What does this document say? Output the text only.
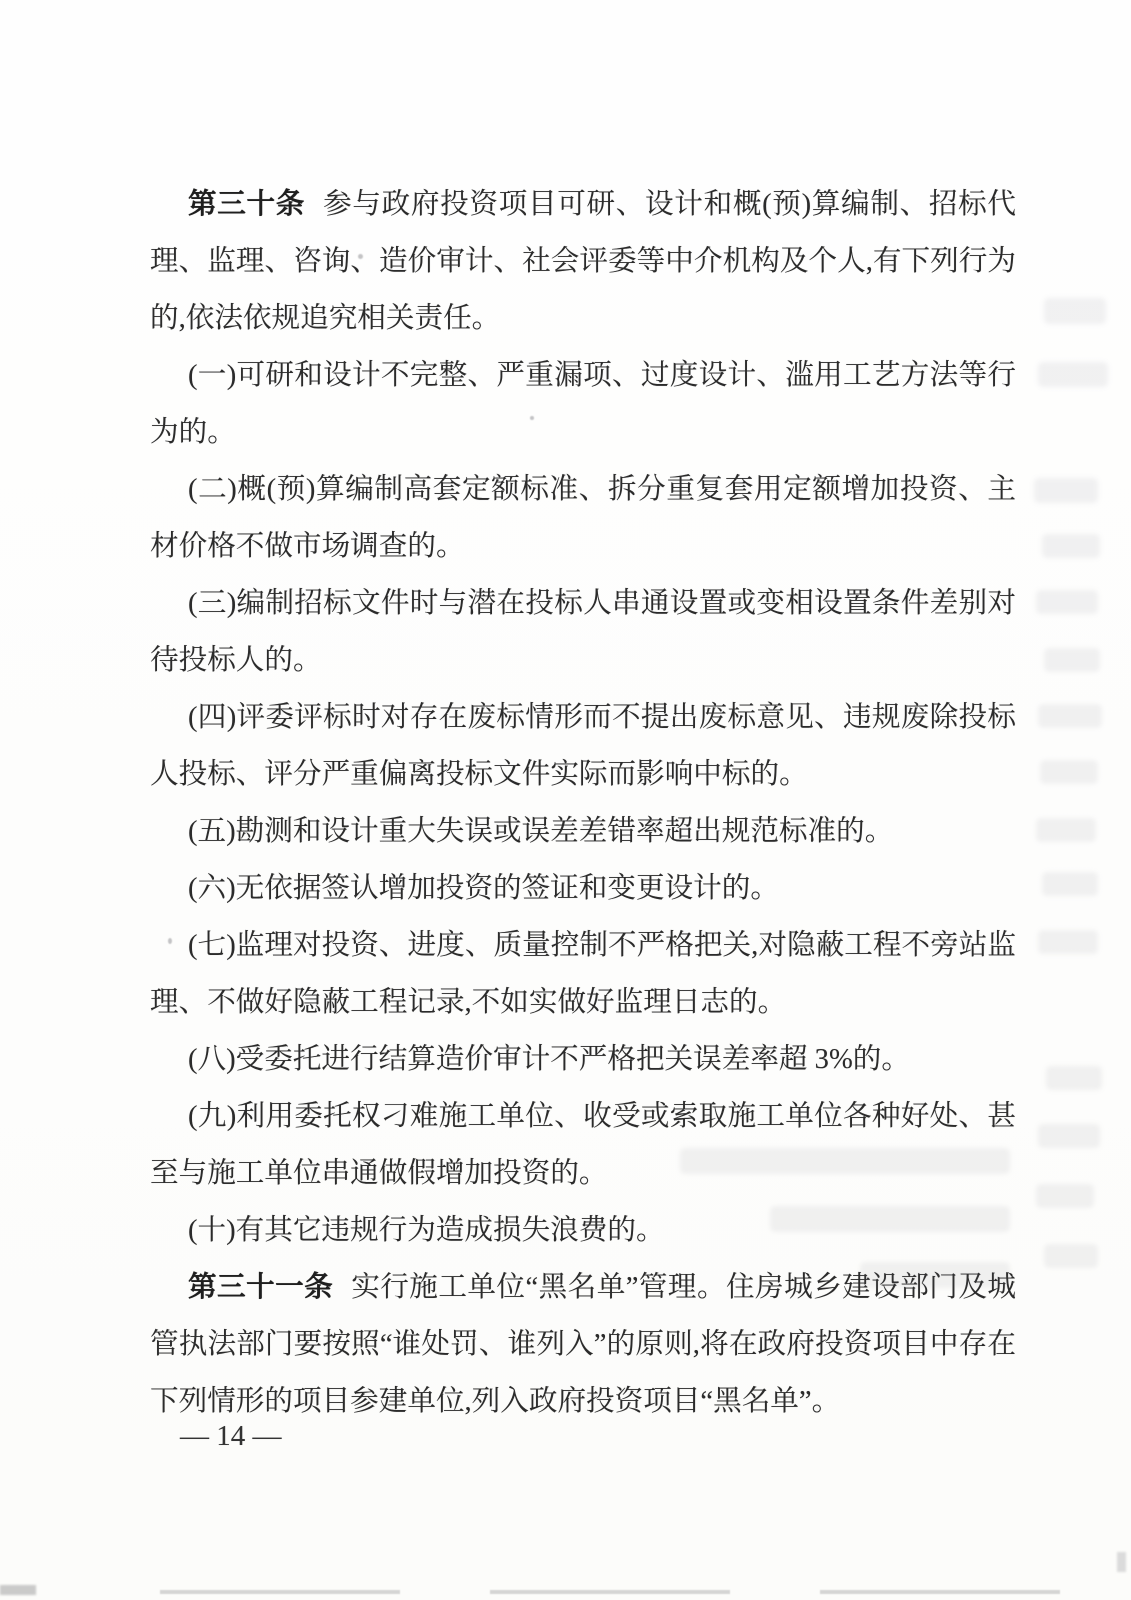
第三十条 参与政府投资项目可研、设计和概(预)算编制、招标代理、监理、咨询、造价审计、社会评委等中介机构及个人,有下列行为的,依法依规追究相关责任。

(一)可研和设计不完整、严重漏项、过度设计、滥用工艺方法等行为的。

(二)概(预)算编制高套定额标准、拆分重复套用定额增加投资、主材价格不做市场调查的。

(三)编制招标文件时与潜在投标人串通设置或变相设置条件差别对待投标人的。

(四)评委评标时对存在废标情形而不提出废标意见、违规废除投标人投标、评分严重偏离投标文件实际而影响中标的。

(五)勘测和设计重大失误或误差差错率超出规范标准的。

(六)无依据签认增加投资的签证和变更设计的。

(七)监理对投资、进度、质量控制不严格把关,对隐蔽工程不旁站监理、不做好隐蔽工程记录,不如实做好监理日志的。

(八)受委托进行结算造价审计不严格把关误差率超 3%的。

(九)利用委托权刁难施工单位、收受或索取施工单位各种好处、甚至与施工单位串通做假增加投资的。

(十)有其它违规行为造成损失浪费的。

第三十一条 实行施工单位“黑名单”管理。住房城乡建设部门及城管执法部门要按照“谁处罚、谁列入”的原则,将在政府投资项目中存在下列情形的项目参建单位,列入政府投资项目“黑名单”。

— 14 —
